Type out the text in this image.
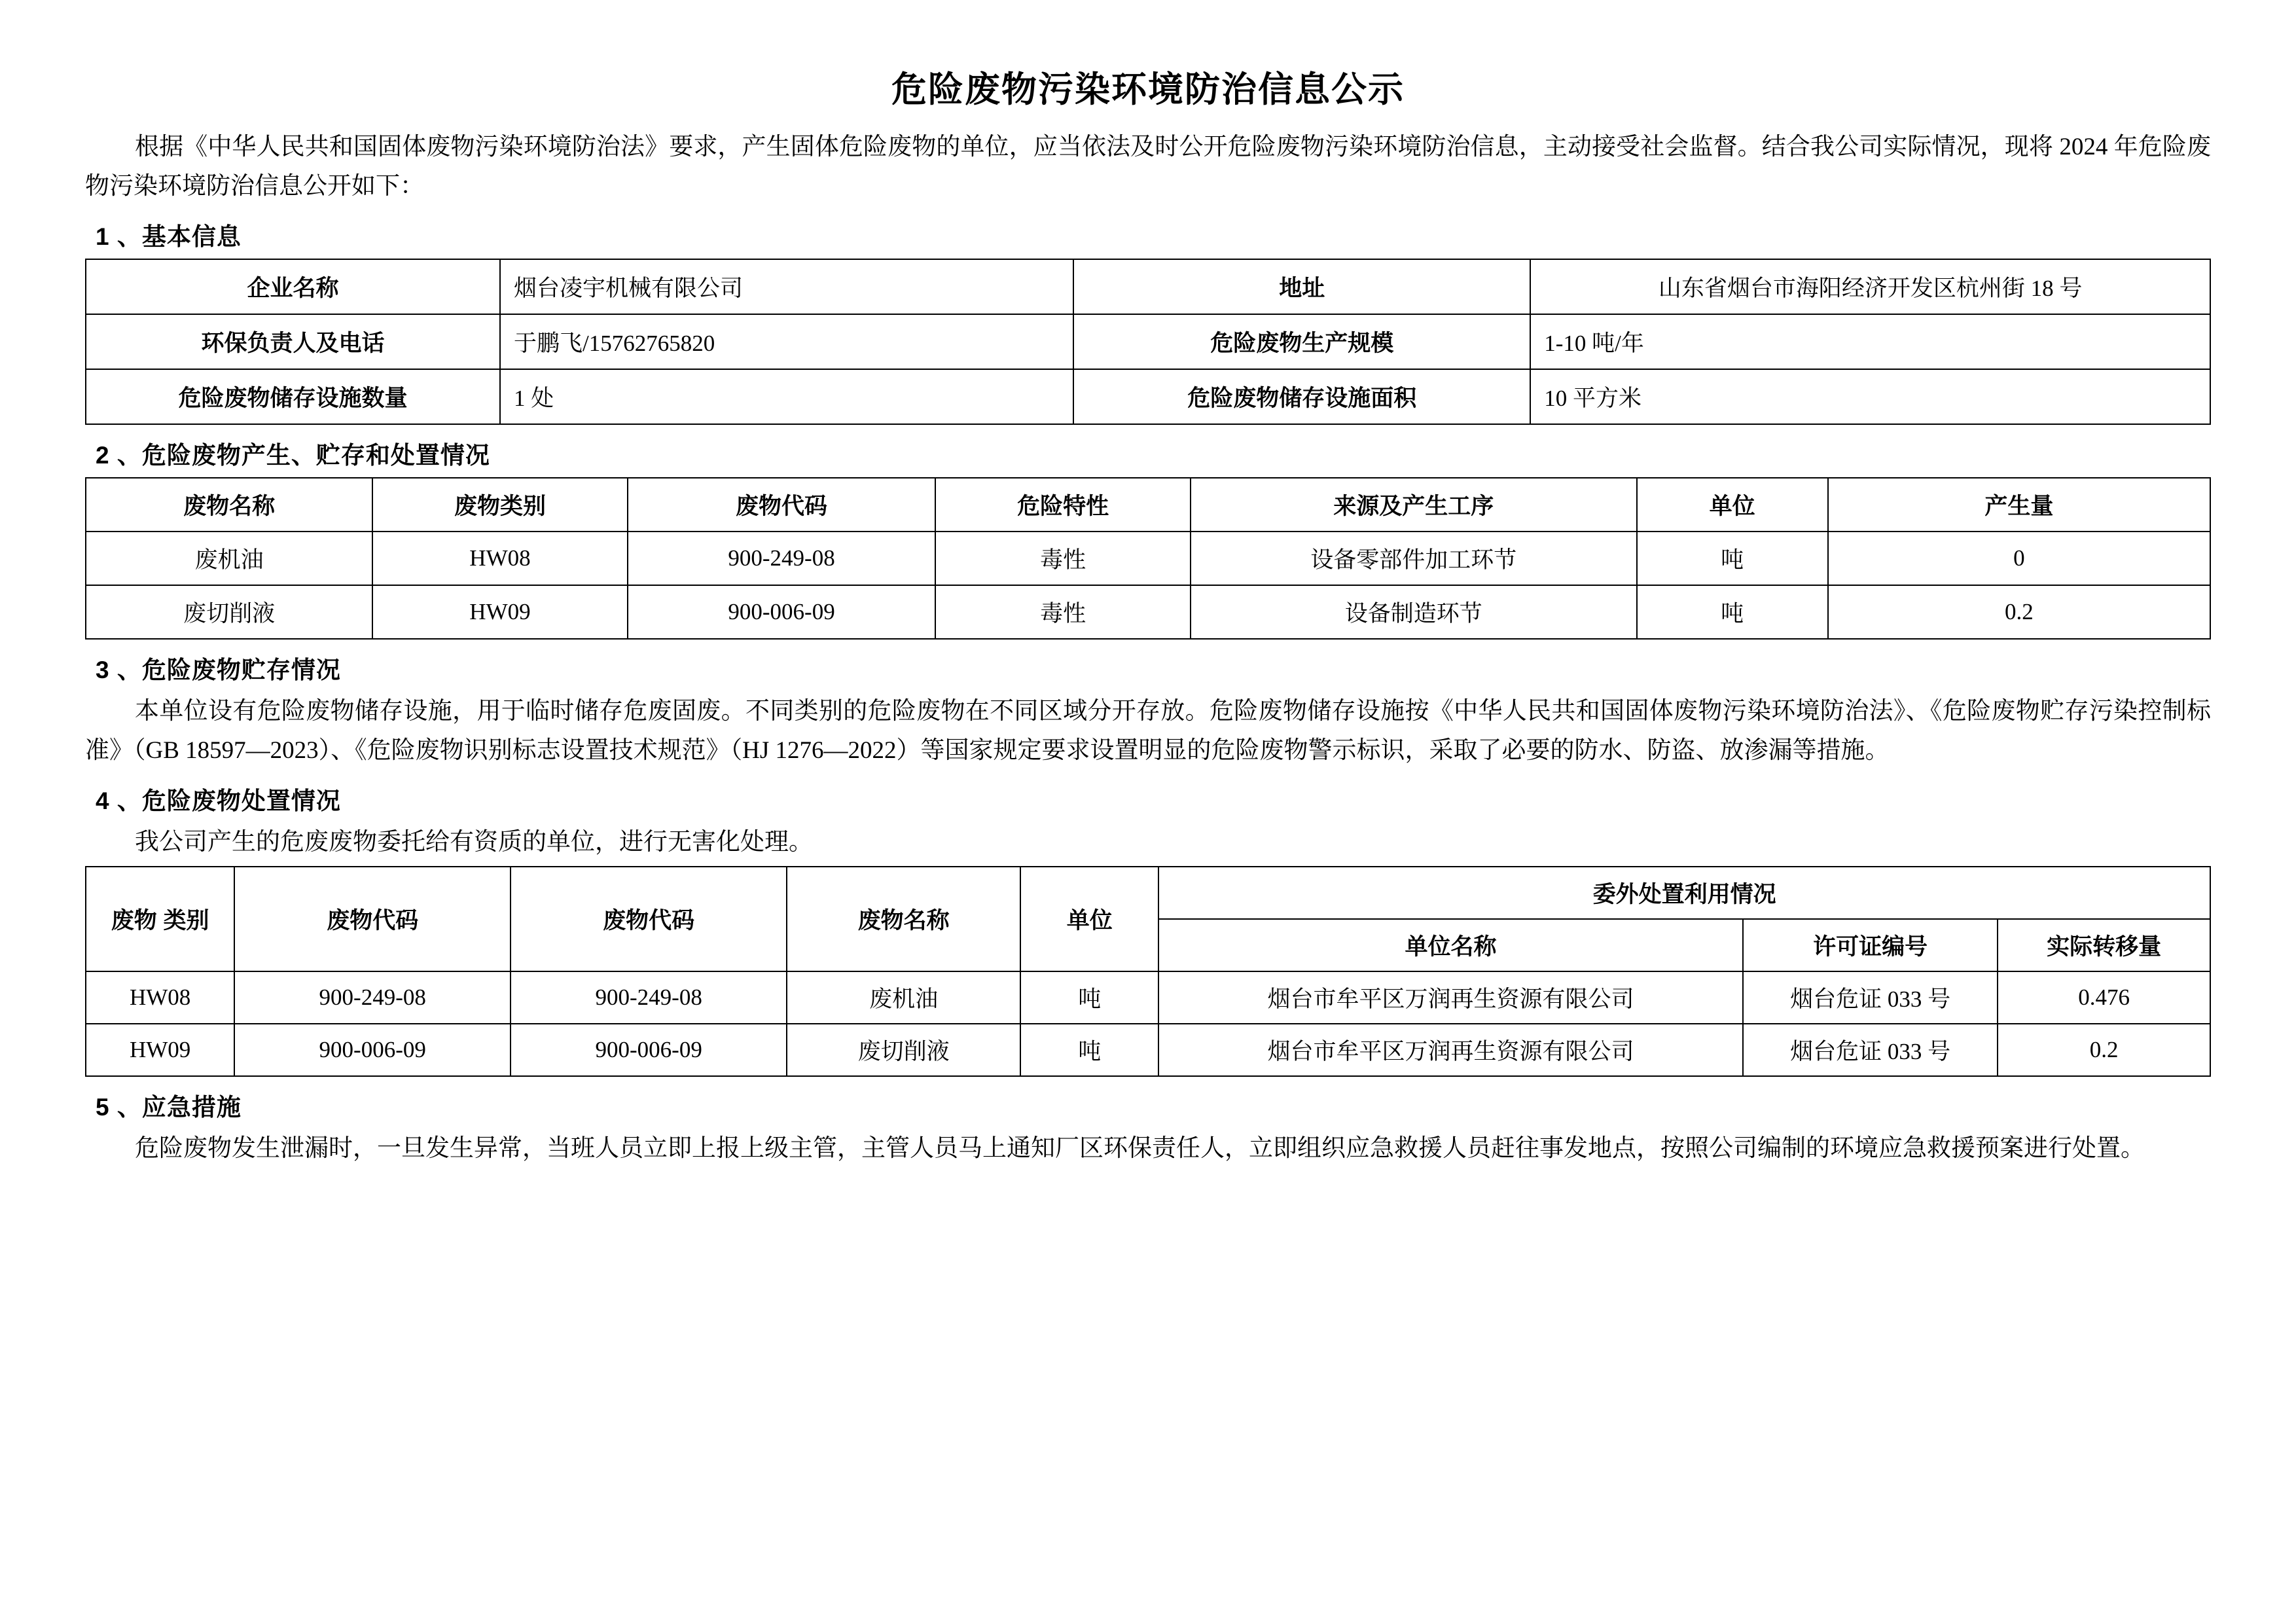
危险废物污染环境防治信息公示

根据《中华人民共和国固体废物污染环境防治法》要求，产生固体危险废物的单位，应当依法及时公开危险废物污染环境防治信息，主动接受社会监督。结合我公司实际情况，现将 2024 年危险废物污染环境防治信息公开如下：

1 、基本信息
企业名称	烟台凌宇机械有限公司	地址	山东省烟台市海阳经济开发区杭州街 18 号
环保负责人及电话	于鹏飞/15762765820	危险废物生产规模	1-10 吨/年
危险废物储存设施数量	1 处	危险废物储存设施面积	10 平方米
2 、危险废物产生、贮存和处置情况
废物名称	废物类别	废物代码	危险特性	来源及产生工序	单位	产生量
废机油	HW08	900-249-08	毒性	设备零部件加工环节	吨	0
废切削液	HW09	900-006-09	毒性	设备制造环节	吨	0.2
3 、危险废物贮存情况

本单位设有危险废物储存设施，用于临时储存危废固废。不同类别的危险废物在不同区域分开存放。危险废物储存设施按《中华人民共和国固体废物污染环境防治法》、《危险废物贮存污染控制标准》（GB 18597—2023）、《危险废物识别标志设置技术规范》（HJ 1276—2022）等国家规定要求设置明显的危险废物警示标识，采取了必要的防水、防盗、放渗漏等措施。

4 、危险废物处置情况

我公司产生的危废废物委托给有资质的单位，进行无害化处理。

废物 类别	废物代码	废物代码	废物名称	单位	委外处置利用情况		
					单位名称	许可证编号	实际转移量
HW08	900-249-08	900-249-08	废机油	吨	烟台市牟平区万润再生资源有限公司	烟台危证 033 号	0.476
HW09	900-006-09	900-006-09	废切削液	吨	烟台市牟平区万润再生资源有限公司	烟台危证 033 号	0.2
5 、应急措施

危险废物发生泄漏时，一旦发生异常，当班人员立即上报上级主管，主管人员马上通知厂区环保责任人，立即组织应急救援人员赶往事发地点，按照公司编制的环境应急救援预案进行处置。
